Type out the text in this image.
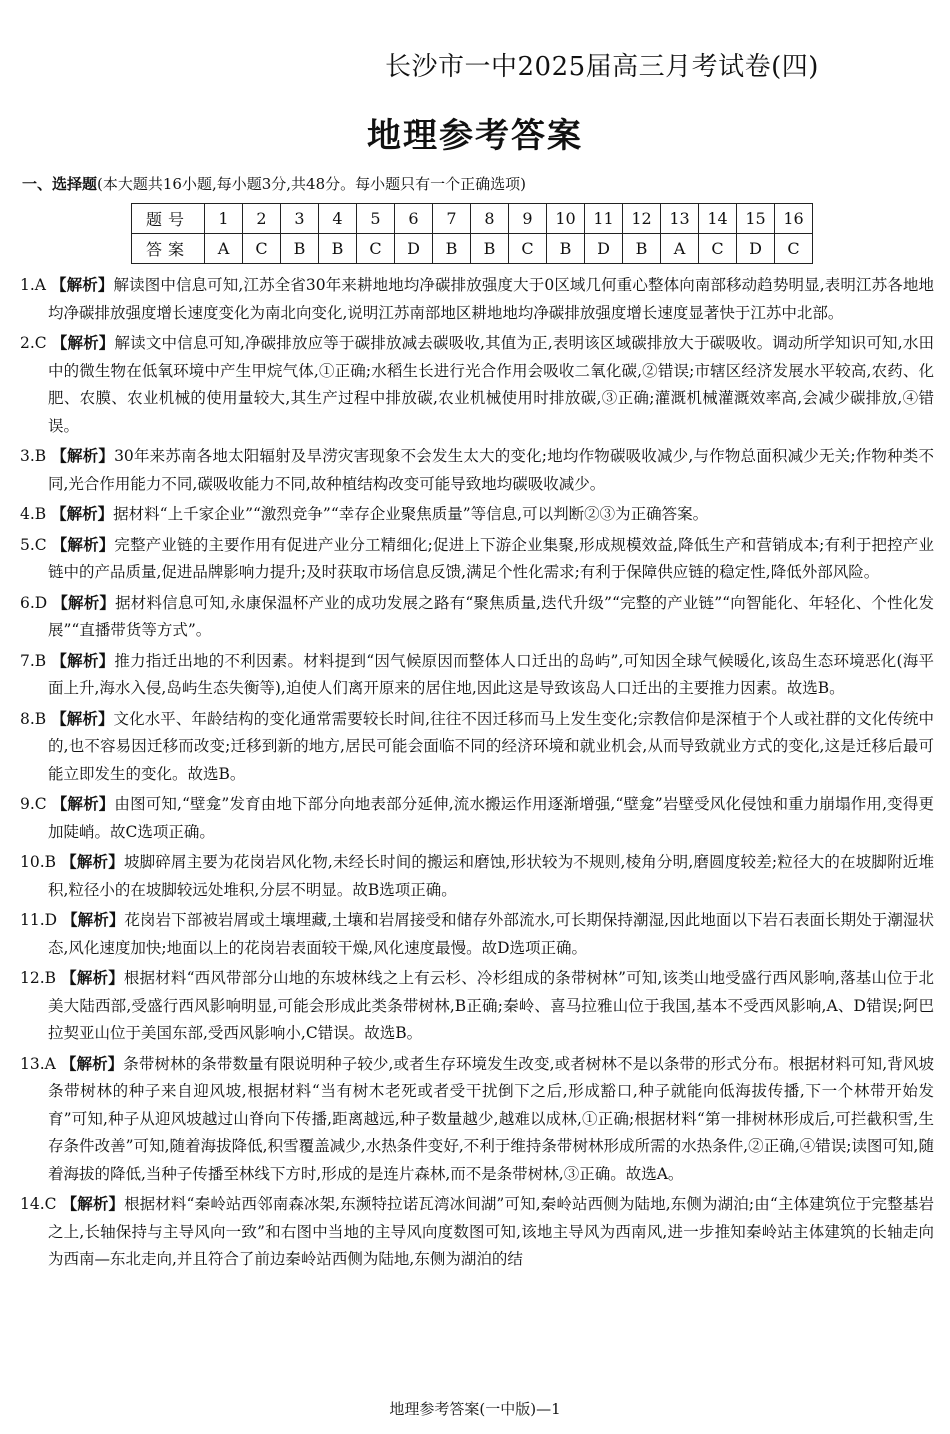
长沙市一中2025届高三月考试卷(四)
地理参考答案
一、选择题(本大题共16小题,每小题3分,共48分。每小题只有一个正确选项)
题号	1	2	3	4	5	6	7	8	9	10	11	12	13	14	15	16
答案	A	C	B	B	C	D	B	B	C	B	D	B	A	C	D	C

1.A 【解析】解读图中信息可知,江苏全省30年来耕地地均净碳排放强度大于0区域几何重心整体向南部移动趋势明显,表明江苏各地地均净碳排放强度增长速度变化为南北向变化,说明江苏南部地区耕地地均净碳排放强度增长速度显著快于江苏中北部。

2.C 【解析】解读文中信息可知,净碳排放应等于碳排放减去碳吸收,其值为正,表明该区域碳排放大于碳吸收。调动所学知识可知,水田中的微生物在低氧环境中产生甲烷气体,①正确;水稻生长进行光合作用会吸收二氧化碳,②错误;市辖区经济发展水平较高,农药、化肥、农膜、农业机械的使用量较大,其生产过程中排放碳,农业机械使用时排放碳,③正确;灌溉机械灌溉效率高,会减少碳排放,④错误。

3.B 【解析】30年来苏南各地太阳辐射及旱涝灾害现象不会发生太大的变化;地均作物碳吸收减少,与作物总面积减少无关;作物种类不同,光合作用能力不同,碳吸收能力不同,故种植结构改变可能导致地均碳吸收减少。

4.B 【解析】据材料“上千家企业”“激烈竞争”“幸存企业聚焦质量”等信息,可以判断②③为正确答案。

5.C 【解析】完整产业链的主要作用有促进产业分工精细化;促进上下游企业集聚,形成规模效益,降低生产和营销成本;有利于把控产业链中的产品质量,促进品牌影响力提升;及时获取市场信息反馈,满足个性化需求;有利于保障供应链的稳定性,降低外部风险。

6.D 【解析】据材料信息可知,永康保温杯产业的成功发展之路有“聚焦质量,迭代升级”“完整的产业链”“向智能化、年轻化、个性化发展”“直播带货等方式”。

7.B 【解析】推力指迁出地的不利因素。材料提到“因气候原因而整体人口迁出的岛屿”,可知因全球气候暖化,该岛生态环境恶化(海平面上升,海水入侵,岛屿生态失衡等),迫使人们离开原来的居住地,因此这是导致该岛人口迁出的主要推力因素。故选B。

8.B 【解析】文化水平、年龄结构的变化通常需要较长时间,往往不因迁移而马上发生变化;宗教信仰是深植于个人或社群的文化传统中的,也不容易因迁移而改变;迁移到新的地方,居民可能会面临不同的经济环境和就业机会,从而导致就业方式的变化,这是迁移后最可能立即发生的变化。故选B。

9.C 【解析】由图可知,“壁龛”发育由地下部分向地表部分延伸,流水搬运作用逐渐增强,“壁龛”岩壁受风化侵蚀和重力崩塌作用,变得更加陡峭。故C选项正确。

10.B 【解析】坡脚碎屑主要为花岗岩风化物,未经长时间的搬运和磨蚀,形状较为不规则,棱角分明,磨圆度较差;粒径大的在坡脚附近堆积,粒径小的在坡脚较远处堆积,分层不明显。故B选项正确。

11.D 【解析】花岗岩下部被岩屑或土壤埋藏,土壤和岩屑接受和储存外部流水,可长期保持潮湿,因此地面以下岩石表面长期处于潮湿状态,风化速度加快;地面以上的花岗岩表面较干燥,风化速度最慢。故D选项正确。

12.B 【解析】根据材料“西风带部分山地的东坡林线之上有云杉、冷杉组成的条带树林”可知,该类山地受盛行西风影响,落基山位于北美大陆西部,受盛行西风影响明显,可能会形成此类条带树林,B正确;秦岭、喜马拉雅山位于我国,基本不受西风影响,A、D错误;阿巴拉契亚山位于美国东部,受西风影响小,C错误。故选B。

13.A 【解析】条带树林的条带数量有限说明种子较少,或者生存环境发生改变,或者树林不是以条带的形式分布。根据材料可知,背风坡条带树林的种子来自迎风坡,根据材料“当有树木老死或者受干扰倒下之后,形成豁口,种子就能向低海拔传播,下一个林带开始发育”可知,种子从迎风坡越过山脊向下传播,距离越远,种子数量越少,越难以成林,①正确;根据材料“第一排树林形成后,可拦截积雪,生存条件改善”可知,随着海拔降低,积雪覆盖减少,水热条件变好,不利于维持条带树林形成所需的水热条件,②正确,④错误;读图可知,随着海拔的降低,当种子传播至林线下方时,形成的是连片森林,而不是条带树林,③正确。故选A。

14.C 【解析】根据材料“秦岭站西邻南森冰架,东濒特拉诺瓦湾冰间湖”可知,秦岭站西侧为陆地,东侧为湖泊;由“主体建筑位于完整基岩之上,长轴保持与主导风向一致”和右图中当地的主导风向度数图可知,该地主导风为西南风,进一步推知秦岭站主体建筑的长轴走向为西南—东北走向,并且符合了前边秦岭站西侧为陆地,东侧为湖泊的结

地理参考答案(一中版)—1
